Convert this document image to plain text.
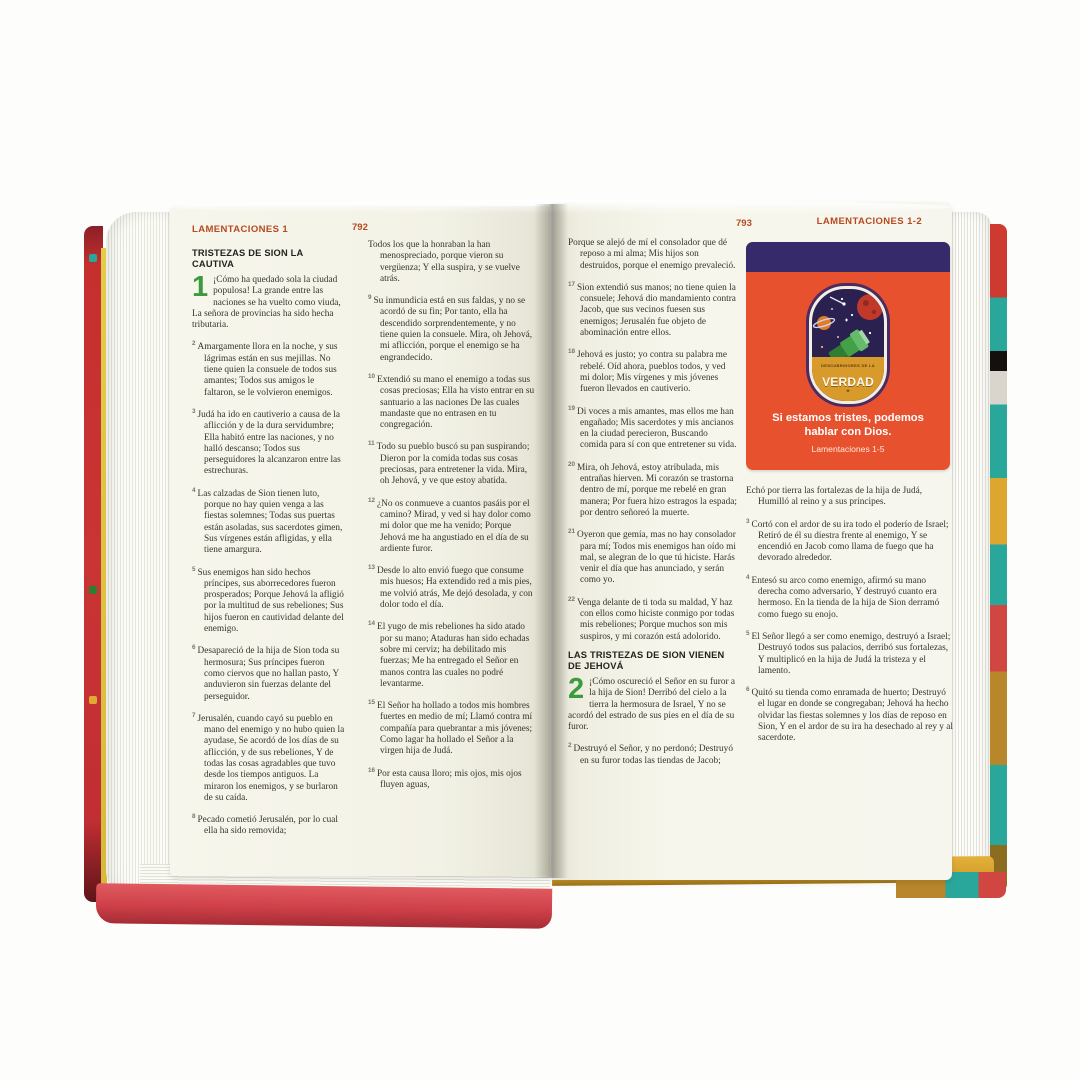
LAMENTACIONES 1	792	793	LAMENTACIONES 1-2
TRISTEZAS DE SION LA CAUTIVA
1 ¡Cómo ha quedado sola la ciudad populosa! La grande entre las naciones se ha vuelto como viuda, La señora de provincias ha sido hecha tributaria.
$^2$ Amargamente llora en la noche, y sus lágrimas están en sus mejillas. No tiene quien la consuele de todos sus amantes; Todos sus amigos le faltaron, se le volvieron enemigos.
$^3$ Judá ha ido en cautiverio a causa de la aflicción y de la dura servidumbre; Ella habitó entre las naciones, y no halló descanso; Todos sus perseguidores la alcanzaron entre las estrechuras.
$^4$ Las calzadas de Sion tienen luto, porque no hay quien venga a las fiestas solemnes; Todas sus puertas están asoladas, sus sacerdotes gimen, Sus vírgenes están afligidas, y ella tiene amargura.
$^5$ Sus enemigos han sido hechos príncipes, sus aborrecedores fueron prosperados; Porque Jehová la afligió por la multitud de sus rebeliones; Sus hijos fueron en cautividad delante del enemigo.
$^6$ Desapareció de la hija de Sion toda su hermosura; Sus príncipes fueron como ciervos que no hallan pasto, Y anduvieron sin fuerzas delante del perseguidor.
$^7$ Jerusalén, cuando cayó su pueblo en mano del enemigo y no hubo quien la ayudase, Se acordó de los días de su aflicción, y de sus rebeliones, Y de todas las cosas agradables que tuvo desde los tiempos antiguos. La miraron los enemigos, y se burlaron de su caída.
$^8$ Pecado cometió Jerusalén, por lo cual ella ha sido removida;
Todos los que la honraban la han menospreciado, porque vieron su vergüenza; Y ella suspira, y se vuelve atrás.
$^9$ Su inmundicia está en sus faldas, y no se acordó de su fin; Por tanto, ella ha descendido sorprendentemente, y no tiene quien la consuele. Mira, oh Jehová, mi aflicción, porque el enemigo se ha engrandecido.
$^{10}$ Extendió su mano el enemigo a todas sus cosas preciosas; Ella ha visto entrar en su santuario a las naciones De las cuales mandaste que no entrasen en tu congregación.
$^{11}$ Todo su pueblo buscó su pan suspirando; Dieron por la comida todas sus cosas preciosas, para entretener la vida. Mira, oh Jehová, y ve que estoy abatida.
$^{12}$ ¿No os conmueve a cuantos pasáis por el camino? Mirad, y ved si hay dolor como mi dolor que me ha venido; Porque Jehová me ha angustiado en el día de su ardiente furor.
$^{13}$ Desde lo alto envió fuego que consume mis huesos; Ha extendido red a mis pies, me volvió atrás, Me dejó desolada, y con dolor todo el día.
$^{14}$ El yugo de mis rebeliones ha sido atado por su mano; Ataduras han sido echadas sobre mi cerviz; ha debilitado mis fuerzas; Me ha entregado el Señor en manos contra las cuales no podré levantarme.
$^{15}$ El Señor ha hollado a todos mis hombres fuertes en medio de mí; Llamó contra mí compañía para quebrantar a mis jóvenes; Como lagar ha hollado el Señor a la virgen hija de Judá.
$^{16}$ Por esta causa lloro; mis ojos, mis ojos fluyen aguas,
Porque se alejó de mí el consolador que dé reposo a mi alma; Mis hijos son destruidos, porque el enemigo prevaleció.
$^{17}$ Sion extendió sus manos; no tiene quien la consuele; Jehová dio mandamiento contra Jacob, que sus vecinos fuesen sus enemigos; Jerusalén fue objeto de abominación entre ellos.
$^{18}$ Jehová es justo; yo contra su palabra me rebelé. Oíd ahora, pueblos todos, y ved mi dolor; Mis vírgenes y mis jóvenes fueron llevados en cautiverio.
$^{19}$ Di voces a mis amantes, mas ellos me han engañado; Mis sacerdotes y mis ancianos en la ciudad perecieron, Buscando comida para sí con que entretener su vida.
$^{20}$ Mira, oh Jehová, estoy atribulada, mis entrañas hierven. Mi corazón se trastorna dentro de mí, porque me rebelé en gran manera; Por fuera hizo estragos la espada; por dentro señoreó la muerte.
$^{21}$ Oyeron que gemía, mas no hay consolador para mí; Todos mis enemigos han oído mi mal, se alegran de lo que tú hiciste. Harás venir el día que has anunciado, y serán como yo.
$^{22}$ Venga delante de ti toda su maldad, Y haz con ellos como hiciste conmigo por todas mis rebeliones; Porque muchos son mis suspiros, y mi corazón está adolorido.
LAS TRISTEZAS DE SION VIENEN DE JEHOVÁ
2 ¡Cómo oscureció el Señor en su furor a la hija de Sion! Derribó del cielo a la tierra la hermosura de Israel, Y no se acordó del estrado de sus pies en el día de su furor.
$^2$ Destruyó el Señor, y no perdonó; Destruyó en su furor todas las tiendas de Jacob;
DESCUBRIDORES DE LA
VERDAD
✦
Si estamos tristes, podemos hablar con Dios.
Lamentaciones 1-5
Echó por tierra las fortalezas de la hija de Judá, Humilló al reino y a sus príncipes.
$^3$ Cortó con el ardor de su ira todo el poderío de Israel; Retiró de él su diestra frente al enemigo, Y se encendió en Jacob como llama de fuego que ha devorado alrededor.
$^4$ Entesó su arco como enemigo, afirmó su mano derecha como adversario, Y destruyó cuanto era hermoso. En la tienda de la hija de Sion derramó como fuego su enojo.
$^5$ El Señor llegó a ser como enemigo, destruyó a Israel; Destruyó todos sus palacios, derribó sus fortalezas, Y multiplicó en la hija de Judá la tristeza y el lamento.
$^6$ Quitó su tienda como enramada de huerto; Destruyó el lugar en donde se congregaban; Jehová ha hecho olvidar las fiestas solemnes y los días de reposo en Sion, Y en el ardor de su ira ha desechado al rey y al sacerdote.
